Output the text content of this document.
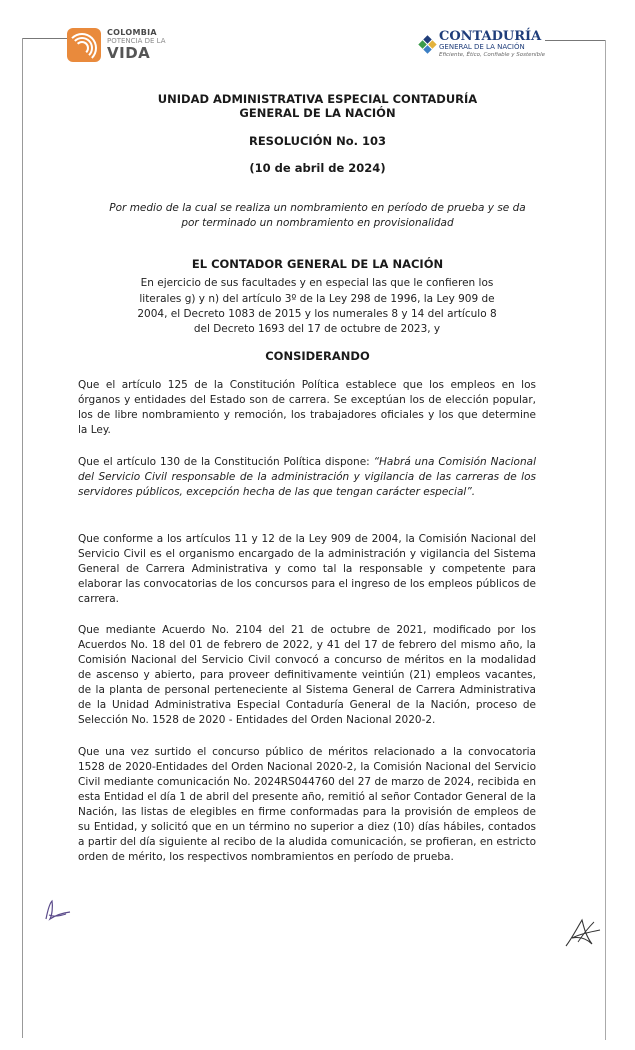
COLOMBIA
POTENCIA DE LA
VIDA
CONTADURÍA
GENERAL DE LA NACIÓN
Eficiente, Ético, Confiable y Sostenible
UNIDAD ADMINISTRATIVA ESPECIAL CONTADURÍA
GENERAL DE LA NACIÓN
RESOLUCIÓN No. 103
(10 de abril de 2024)
Por medio de la cual se realiza un nombramiento en período de prueba y se da
por terminado un nombramiento en provisionalidad
EL CONTADOR GENERAL DE LA NACIÓN
En ejercicio de sus facultades y en especial las que le confieren los
literales g) y n) del artículo 3º de la Ley 298 de 1996, la Ley 909 de
2004, el Decreto 1083 de 2015 y los numerales 8 y 14 del artículo 8
del Decreto 1693 del 17 de octubre de 2023, y
CONSIDERANDO

Que el artículo 125 de la Constitución Política establece que los empleos en los órganos y entidades del Estado son de carrera. Se exceptúan los de elección popular, los de libre nombramiento y remoción, los trabajadores oficiales y los que determine la Ley.

Que el artículo 130 de la Constitución Política dispone: “Habrá una Comisión Nacional del Servicio Civil responsable de la administración y vigilancia de las carreras de los servidores públicos, excepción hecha de las que tengan carácter especial”.

Que conforme a los artículos 11 y 12 de la Ley 909 de 2004, la Comisión Nacional del Servicio Civil es el organismo encargado de la administración y vigilancia del Sistema General de Carrera Administrativa y como tal la responsable y competente para elaborar las convocatorias de los concursos para el ingreso de los empleos públicos de carrera.

Que mediante Acuerdo No. 2104 del 21 de octubre de 2021, modificado por los Acuerdos No. 18 del 01 de febrero de 2022, y 41 del 17 de febrero del mismo año, la Comisión Nacional del Servicio Civil convocó a concurso de méritos en la modalidad de ascenso y abierto, para proveer definitivamente veintiún (21) empleos vacantes, de la planta de personal perteneciente al Sistema General de Carrera Administrativa de la Unidad Administrativa Especial Contaduría General de la Nación, proceso de Selección No. 1528 de 2020 - Entidades del Orden Nacional 2020-2.

Que una vez surtido el concurso público de méritos relacionado a la convocatoria 1528 de 2020-Entidades del Orden Nacional 2020-2, la Comisión Nacional del Servicio Civil mediante comunicación No. 2024RS044760 del 27 de marzo de 2024, recibida en esta Entidad el día 1 de abril del presente año, remitió al señor Contador General de la Nación, las listas de elegibles en firme conformadas para la provisión de empleos de su Entidad, y solicitó que en un término no superior a diez (10) días hábiles, contados a partir del día siguiente al recibo de la aludida comunicación, se profieran, en estricto orden de mérito, los respectivos nombramientos en período de prueba.
